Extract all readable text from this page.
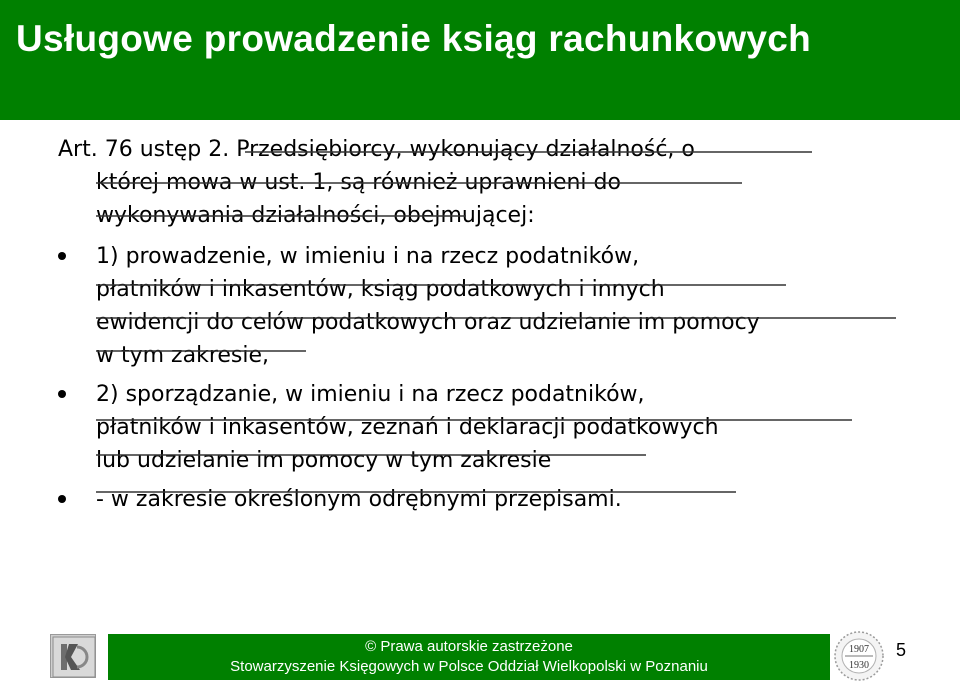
Usługowe prowadzenie ksiąg rachunkowych
Art. 76 ustęp 2. Przedsiębiorcy, wykonujący działalność, o
której mowa w ust. 1, są również uprawnieni do
wykonywania działalności, obejmującej:
1) prowadzenie, w imieniu i na rzecz podatników,
płatników i inkasentów, ksiąg podatkowych i innych
ewidencji do celów podatkowych oraz udzielanie im pomocy
w tym zakresie,
2) sporządzanie, w imieniu i na rzecz podatników,
płatników i inkasentów, zeznań i deklaracji podatkowych
lub udzielanie im pomocy w tym zakresie
- w zakresie określonym odrębnymi przepisami.
© Prawa autorskie zastrzeżone
Stowarzyszenie Księgowych w Polsce Oddział Wielkopolski w Poznaniu
1907
1930
5
